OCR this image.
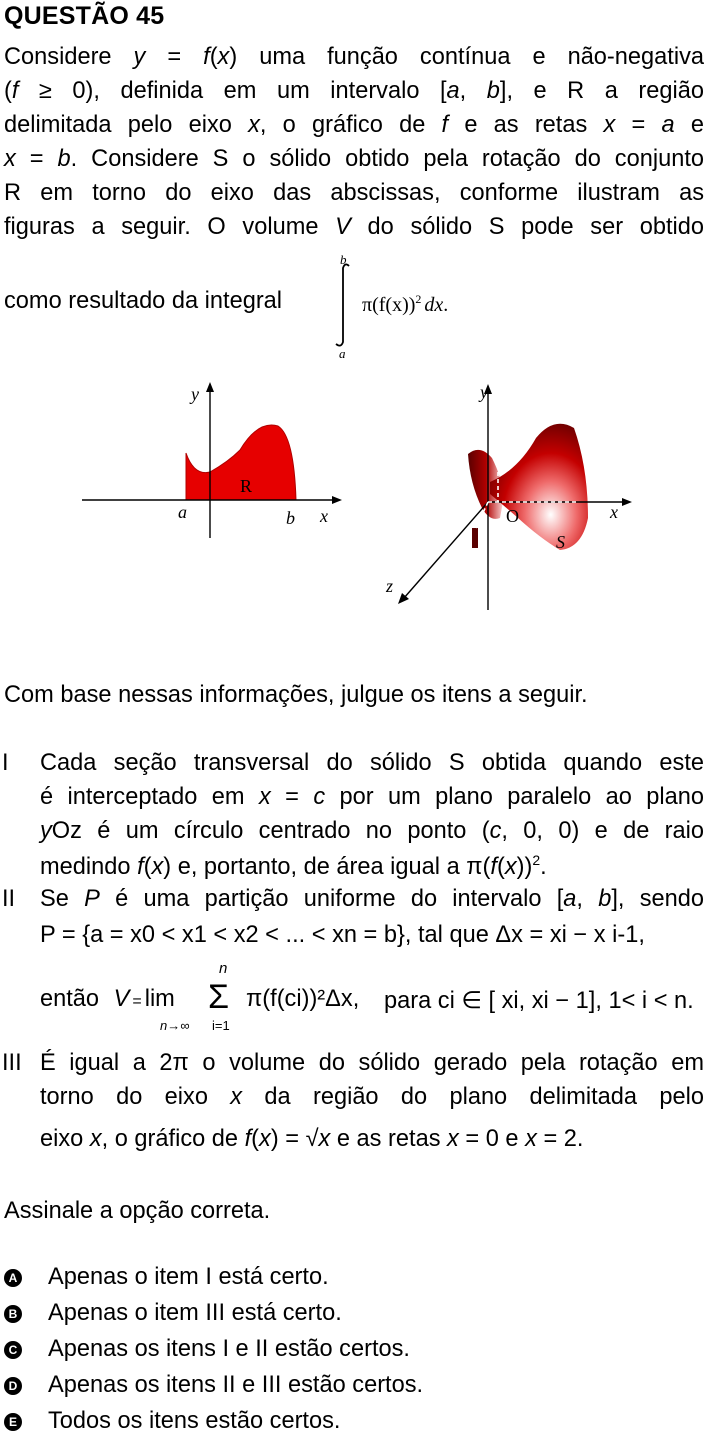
QUESTÃO 45
Considere y = f(x) uma função contínua e não-negativa
(f ≥ 0), definida em um intervalo [a, b], e R a região
delimitada pelo eixo x, o gráfico de f e as retas x = a e
x = b. Considere S o sólido obtido pela rotação do conjunto
R em torno do eixo das abscissas, conforme ilustram as
figuras a seguir. O volume V do sólido S pode ser obtido
como resultado da integral
b
a
$\pi(f(x))^2$ dx.
y
a	b x
R
y
x
z
O
S
Com base nessas informações, julgue os itens a seguir.
I Cada seção transversal do sólido S obtida quando este
é interceptado em x = c por um plano paralelo ao plano
yOz é um círculo centrado no ponto (c, 0, 0) e de raio
medindo f(x) e, portanto, de área igual a $\pi(f(x))^2$.
II Se P é uma partição uniforme do intervalo [a, b], sendo
P = {a = x0 < x1 < x2 < ... < xn = b}, tal que Δx = xi − x i-1,
então V = lim
n→∞
n
i=1
Σ π(f(ci))²Δx, para ci ∈ [ xi, xi − 1], 1< i < n.
III É igual a 2π o volume do sólido gerado pela rotação em
torno do eixo x da região do plano delimitada pelo
eixo x, o gráfico de f(x) = √x e as retas x = 0 e x = 2.
Assinale a opção correta.
A Apenas o item I está certo.
B Apenas o item III está certo.
C Apenas os itens I e II estão certos.
D Apenas os itens II e III estão certos.
E Todos os itens estão certos.
